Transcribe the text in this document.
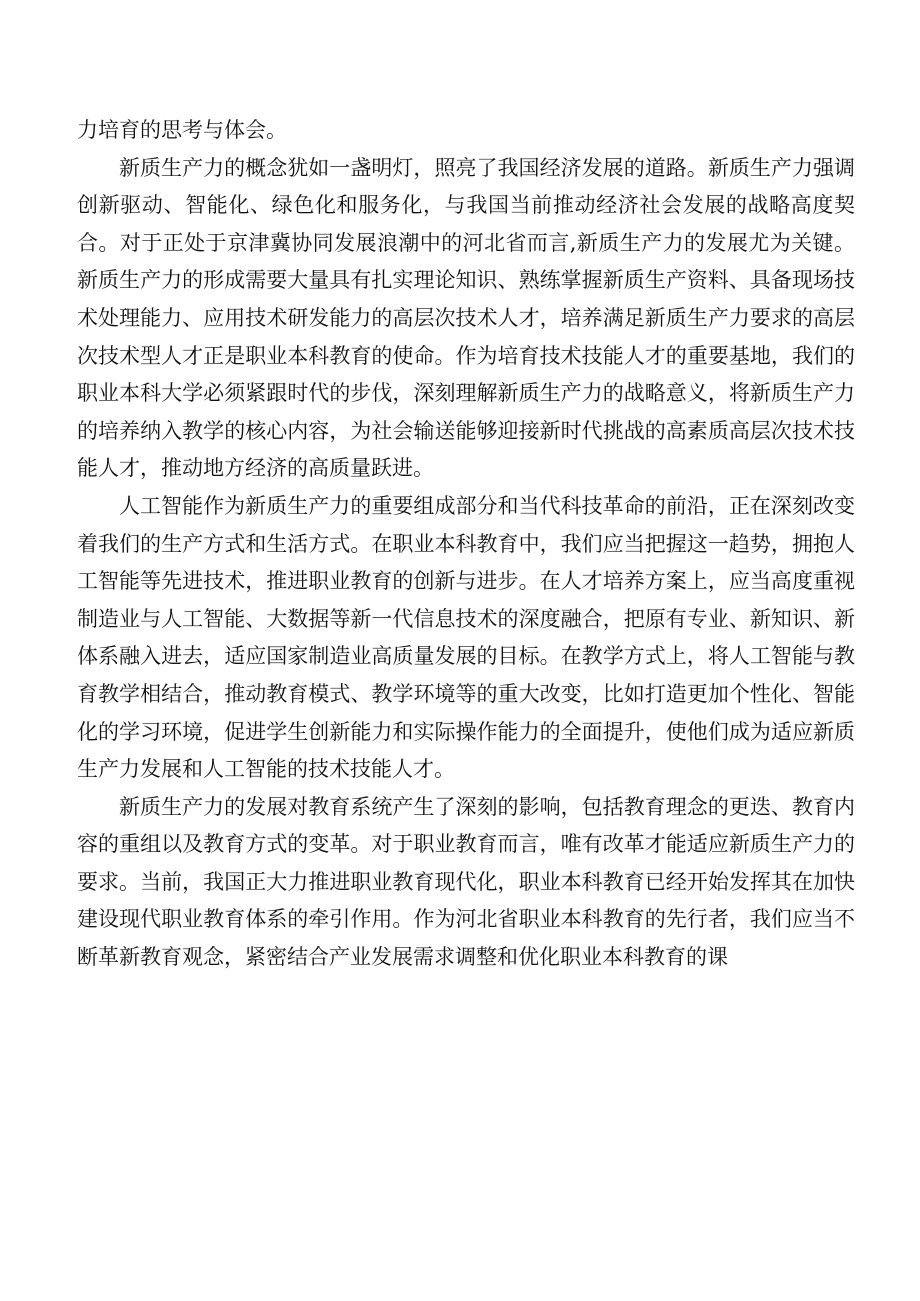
力培育的思考与体会。

新质生产力的概念犹如一盏明灯，照亮了我国经济发展的道路。新质生产力强调创新驱动、智能化、绿色化和服务化，与我国当前推动经济社会发展的战略高度契合。对于正处于京津冀协同发展浪潮中的河北省而言,新质生产力的发展尤为关键。新质生产力的形成需要大量具有扎实理论知识、熟练掌握新质生产资料、具备现场技术处理能力、应用技术研发能力的高层次技术人才，培养满足新质生产力要求的高层次技术型人才正是职业本科教育的使命。作为培育技术技能人才的重要基地，我们的职业本科大学必须紧跟时代的步伐，深刻理解新质生产力的战略意义，将新质生产力的培养纳入教学的核心内容，为社会输送能够迎接新时代挑战的高素质高层次技术技能人才，推动地方经济的高质量跃进。

人工智能作为新质生产力的重要组成部分和当代科技革命的前沿，正在深刻改变着我们的生产方式和生活方式。在职业本科教育中，我们应当把握这一趋势，拥抱人工智能等先进技术，推进职业教育的创新与进步。在人才培养方案上，应当高度重视制造业与人工智能、大数据等新一代信息技术的深度融合，把原有专业、新知识、新体系融入进去，适应国家制造业高质量发展的目标。在教学方式上，将人工智能与教育教学相结合，推动教育模式、教学环境等的重大改变，比如打造更加个性化、智能化的学习环境，促进学生创新能力和实际操作能力的全面提升，使他们成为适应新质生产力发展和人工智能的技术技能人才。

新质生产力的发展对教育系统产生了深刻的影响，包括教育理念的更迭、教育内容的重组以及教育方式的变革。对于职业教育而言，唯有改革才能适应新质生产力的要求。当前，我国正大力推进职业教育现代化，职业本科教育已经开始发挥其在加快建设现代职业教育体系的牵引作用。作为河北省职业本科教育的先行者，我们应当不断革新教育观念，紧密结合产业发展需求调整和优化职业本科教育的课
